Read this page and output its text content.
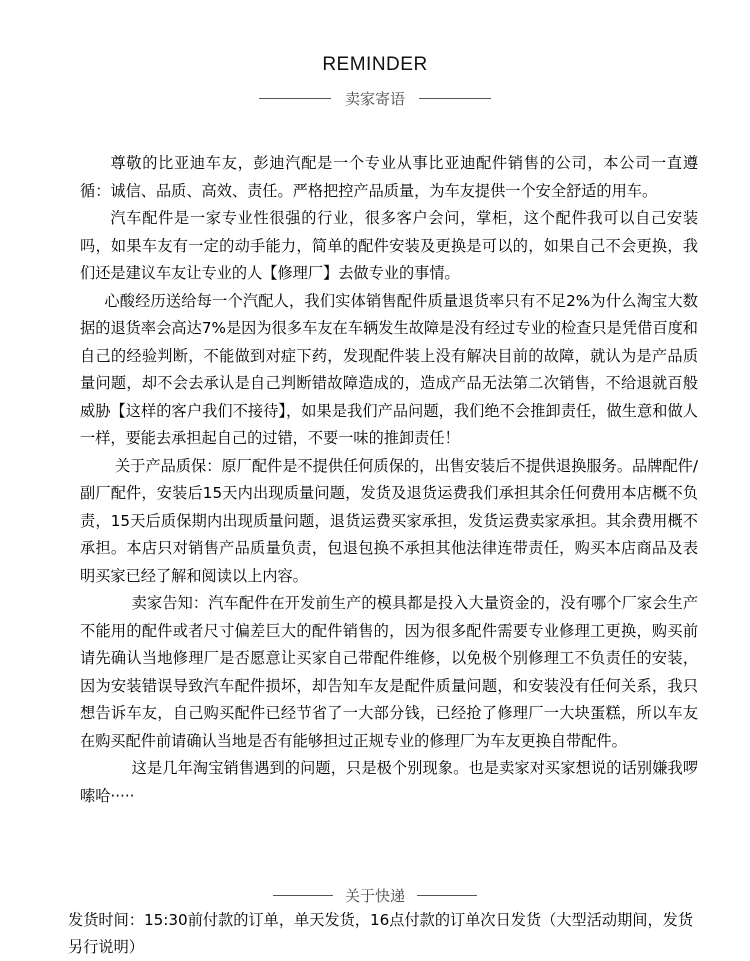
REMINDER
卖家寄语

尊敬的比亚迪车友，彭迪汽配是一个专业从事比亚迪配件销售的公司，本公司一直遵循：诚信、品质、高效、责任。严格把控产品质量，为车友提供一个安全舒适的用车。

汽车配件是一家专业性很强的行业，很多客户会问，掌柜，这个配件我可以自己安装吗，如果车友有一定的动手能力，简单的配件安装及更换是可以的，如果自己不会更换，我们还是建议车友让专业的人【修理厂】去做专业的事情。

心酸经历送给每一个汽配人，我们实体销售配件质量退货率只有不足2%为什么淘宝大数据的退货率会高达7%是因为很多车友在车辆发生故障是没有经过专业的检查只是凭借百度和自己的经验判断，不能做到对症下药，发现配件装上没有解决目前的故障，就认为是产品质量问题，却不会去承认是自己判断错故障造成的，造成产品无法第二次销售，不给退就百般威胁【这样的客户我们不接待】，如果是我们产品问题，我们绝不会推卸责任，做生意和做人一样，要能去承担起自己的过错，不要一味的推卸责任！

关于产品质保：原厂配件是不提供任何质保的，出售安装后不提供退换服务。品牌配件/副厂配件，安装后15天内出现质量问题，发货及退货运费我们承担其余任何费用本店概不负责，15天后质保期内出现质量问题，退货运费买家承担，发货运费卖家承担。其余费用概不承担。本店只对销售产品质量负责，包退包换不承担其他法律连带责任，购买本店商品及表明买家已经了解和阅读以上内容。

卖家告知：汽车配件在开发前生产的模具都是投入大量资金的，没有哪个厂家会生产不能用的配件或者尺寸偏差巨大的配件销售的，因为很多配件需要专业修理工更换，购买前请先确认当地修理厂是否愿意让买家自己带配件维修，以免极个别修理工不负责任的安装，因为安装错误导致汽车配件损坏，却告知车友是配件质量问题，和安装没有任何关系，我只想告诉车友，自己购买配件已经节省了一大部分钱，已经抢了修理厂一大块蛋糕，所以车友在购买配件前请确认当地是否有能够担过正规专业的修理厂为车友更换自带配件。

这是几年淘宝销售遇到的问题，只是极个别现象。也是卖家对买家想说的话别嫌我啰嗦哈·····

关于快递
发货时间：15:30前付款的订单，单天发货，16点付款的订单次日发货（大型活动期间，发货另行说明）
